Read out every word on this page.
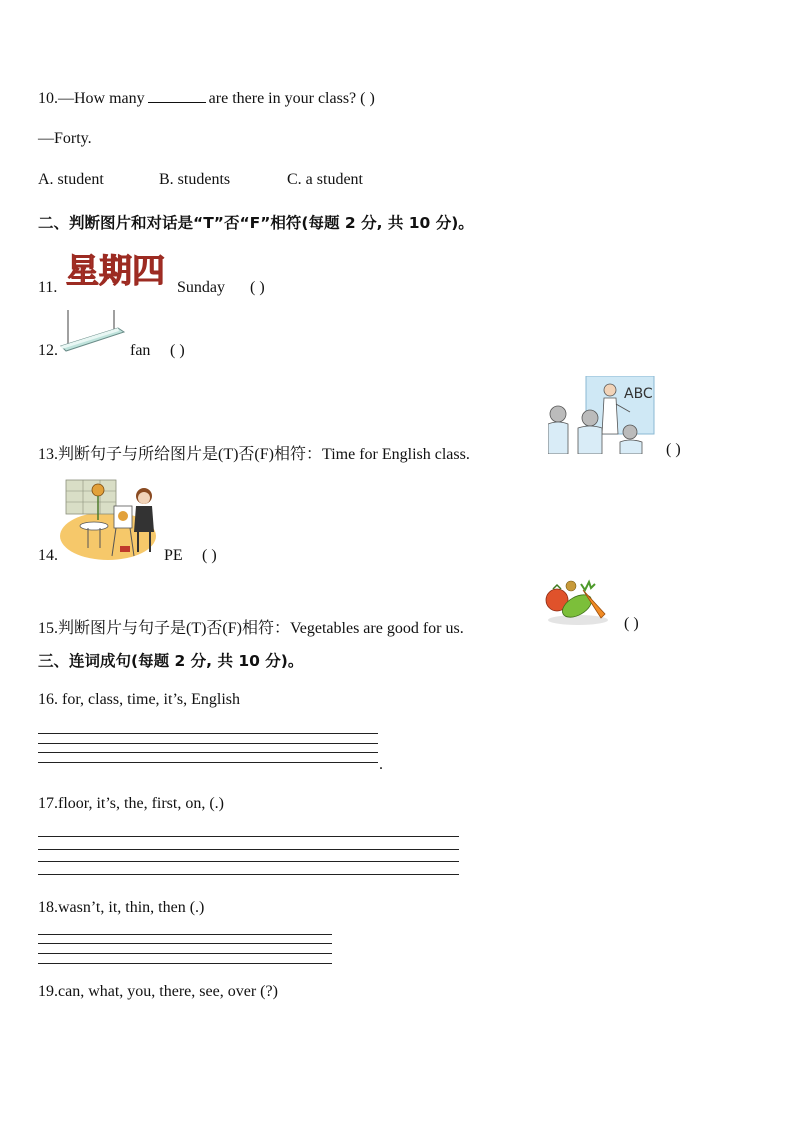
10.—How many	are there in your class? ( )
—Forty.
A. student	B. students	C. a student
二、判断图片和对话是“T”否“F”相符(每题 2 分, 共 10 分)。
11. 星期四 Sunday ( )
12.	fan ( )
13.判断句子与所给图片是(T)否(F)相符：Time for English class.
ABC
( )
14.	PE ( )
15.判断图片与句子是(T)否(F)相符：Vegetables are good for us.	( )
三、连词成句(每题 2 分, 共 10 分)。
16. for, class, time, it’s, English
.
17.floor, it’s, the, first, on, (.)
18.wasn’t, it, thin, then (.)
19.can, what, you, there, see, over (?)
